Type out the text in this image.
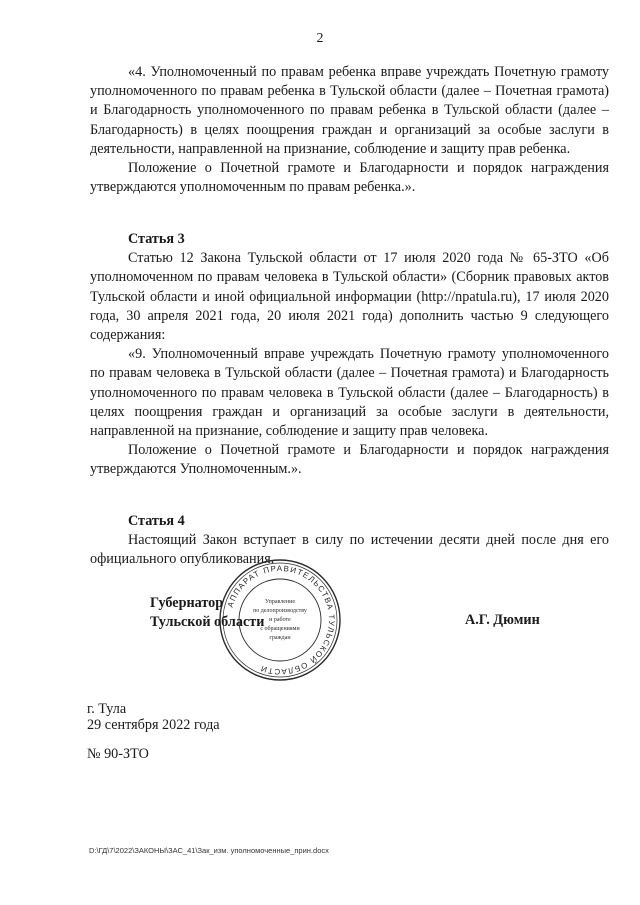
2

«4. Уполномоченный по правам ребенка вправе учреждать Почетную грамоту уполномоченного по правам ребенка в Тульской области (далее – Почетная грамота) и Благодарность уполномоченного по правам ребенка в Тульской области (далее – Благодарность) в целях поощрения граждан и организаций за особые заслуги в деятельности, направленной на признание, соблюдение и защиту прав ребенка.

Положение о Почетной грамоте и Благодарности и порядок награждения утверждаются уполномоченным по правам ребенка.».

Статья 3

Статью 12 Закона Тульской области от 17 июля 2020 года № 65-ЗТО «Об уполномоченном по правам человека в Тульской области» (Сборник правовых актов Тульской области и иной официальной информации (http://npatula.ru), 17 июля 2020 года, 30 апреля 2021 года, 20 июля 2021 года) дополнить частью 9 следующего содержания:

«9. Уполномоченный вправе учреждать Почетную грамоту уполномоченного по правам человека в Тульской области (далее – Почетная грамота) и Благодарность уполномоченного по правам человека в Тульской области (далее – Благодарность) в целях поощрения граждан и организаций за особые заслуги в деятельности, направленной на признание, соблюдение и защиту прав человека.

Положение о Почетной грамоте и Благодарности и порядок награждения утверждаются Уполномоченным.».

Статья 4

Настоящий Закон вступает в силу по истечении десяти дней после дня его официального опубликования.

АППАРАТ ПРАВИТЕЛЬСТВА ТУЛЬСКОЙ ОБЛАСТИ
Управление
по делопроизводству
и работе
с обращениями
граждан
Губернатор
Тульской области	А.Г. Дюмин
г. Тула
29 сентября 2022 года
№ 90-ЗТО
D:\ГД\7\2022\ЗАКОНЫ\ЗАС_41\Зак_изм. уполномоченные_прин.docx
